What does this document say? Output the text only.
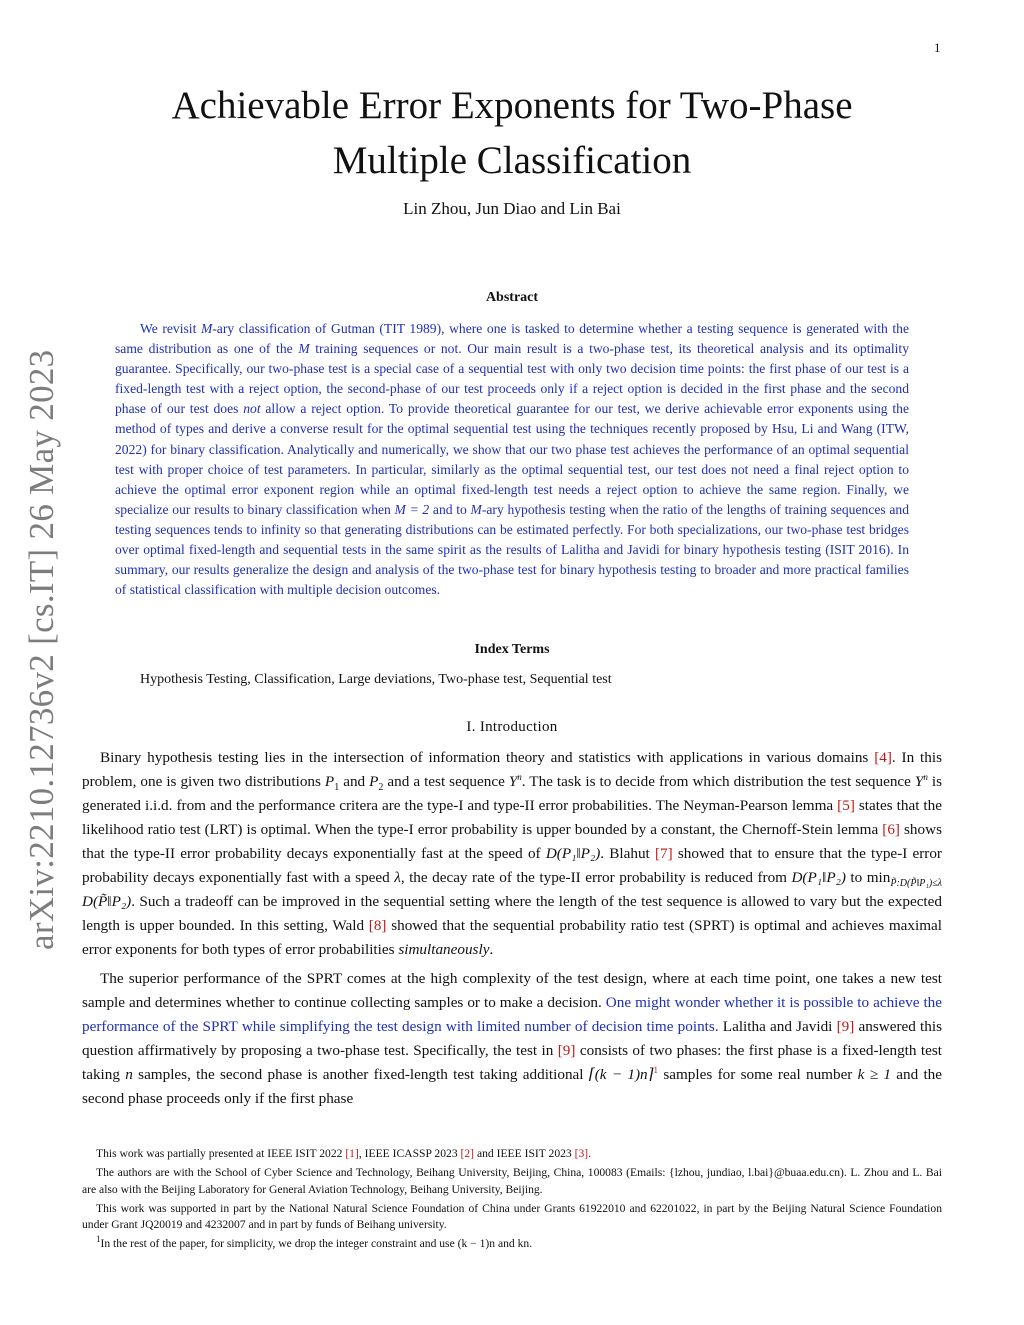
1
arXiv:2210.12736v2 [cs.IT] 26 May 2023
Achievable Error Exponents for Two-Phase
Multiple Classification
Lin Zhou, Jun Diao and Lin Bai
Abstract
We revisit M-ary classification of Gutman (TIT 1989), where one is tasked to determine whether a testing sequence is generated with the same distribution as one of the M training sequences or not. Our main result is a two-phase test, its theoretical analysis and its optimality guarantee. Specifically, our two-phase test is a special case of a sequential test with only two decision time points: the first phase of our test is a fixed-length test with a reject option, the second-phase of our test proceeds only if a reject option is decided in the first phase and the second phase of our test does not allow a reject option. To provide theoretical guarantee for our test, we derive achievable error exponents using the method of types and derive a converse result for the optimal sequential test using the techniques recently proposed by Hsu, Li and Wang (ITW, 2022) for binary classification. Analytically and numerically, we show that our two phase test achieves the performance of an optimal sequential test with proper choice of test parameters. In particular, similarly as the optimal sequential test, our test does not need a final reject option to achieve the optimal error exponent region while an optimal fixed-length test needs a reject option to achieve the same region. Finally, we specialize our results to binary classification when M = 2 and to M-ary hypothesis testing when the ratio of the lengths of training sequences and testing sequences tends to infinity so that generating distributions can be estimated perfectly. For both specializations, our two-phase test bridges over optimal fixed-length and sequential tests in the same spirit as the results of Lalitha and Javidi for binary hypothesis testing (ISIT 2016). In summary, our results generalize the design and analysis of the two-phase test for binary hypothesis testing to broader and more practical families of statistical classification with multiple decision outcomes.
Index Terms
Hypothesis Testing, Classification, Large deviations, Two-phase test, Sequential test
I. Introduction

Binary hypothesis testing lies in the intersection of information theory and statistics with applications in various domains [4]. In this problem, one is given two distributions $P_1$ and $P_2$ and a test sequence $Y^n$. The task is to decide from which distribution the test sequence $Y^n$ is generated i.i.d. from and the performance critera are the type-I and type-II error probabilities. The Neyman-Pearson lemma [5] states that the likelihood ratio test (LRT) is optimal. When the type-I error probability is upper bounded by a constant, the Chernoff-Stein lemma [6] shows that the type-II error probability decays exponentially fast at the speed of D(P₁‖P₂). Blahut [7] showed that to ensure that the type-I error probability decays exponentially fast with a speed λ, the decay rate of the type-II error probability is reduced from D(P₁‖P₂) to $\min_{P̃:D(P̃‖P_1)\le\lambda}$ D(P̃‖P₂). Such a tradeoff can be improved in the sequential setting where the length of the test sequence is allowed to vary but the expected length is upper bounded. In this setting, Wald [8] showed that the sequential probability ratio test (SPRT) is optimal and achieves maximal error exponents for both types of error probabilities simultaneously.

The superior performance of the SPRT comes at the high complexity of the test design, where at each time point, one takes a new test sample and determines whether to continue collecting samples or to make a decision. One might wonder whether it is possible to achieve the performance of the SPRT while simplifying the test design with limited number of decision time points. Lalitha and Javidi [9] answered this question affirmatively by proposing a two-phase test. Specifically, the test in [9] consists of two phases: the first phase is a fixed-length test taking n samples, the second phase is another fixed-length test taking additional ⌈(k − 1)n⌉$^1$ samples for some real number k ≥ 1 and the second phase proceeds only if the first phase

This work was partially presented at IEEE ISIT 2022 [1], IEEE ICASSP 2023 [2] and IEEE ISIT 2023 [3].

The authors are with the School of Cyber Science and Technology, Beihang University, Beijing, China, 100083 (Emails: {lzhou, jundiao, l.bai}@buaa.edu.cn). L. Zhou and L. Bai are also with the Beijing Laboratory for General Aviation Technology, Beihang University, Beijing.

This work was supported in part by the National Natural Science Foundation of China under Grants 61922010 and 62201022, in part by the Beijing Natural Science Foundation under Grant JQ20019 and 4232007 and in part by funds of Beihang university.

$^1$In the rest of the paper, for simplicity, we drop the integer constraint and use (k − 1)n and kn.
